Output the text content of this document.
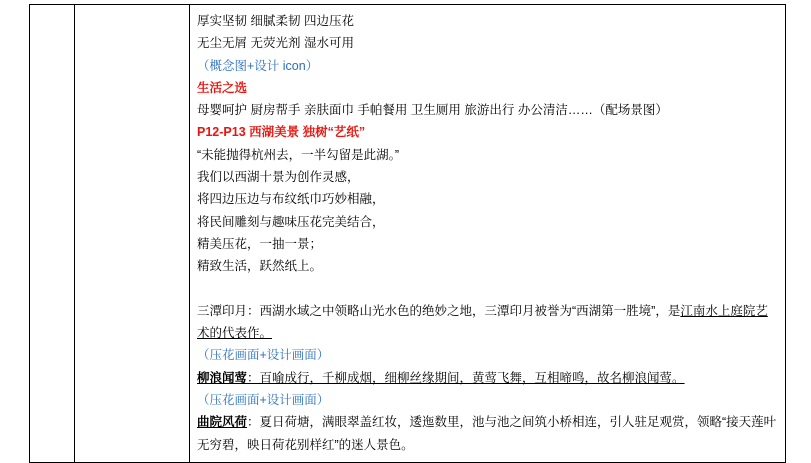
厚实坚韧 细腻柔韧 四边压花
无尘无屑 无荧光剂 湿水可用
（概念图+设计 icon）
生活之选
母婴呵护 厨房帮手 亲肤面巾 手帕餐用 卫生厕用 旅游出行 办公清洁……（配场景图）
P12-P13 西湖美景 独树“艺纸”
“未能抛得杭州去，一半勾留是此湖。”
我们以西湖十景为创作灵感，
将四边压边与布纹纸巾巧妙相融，
将民间雕刻与趣味压花完美结合，
精美压花，一抽一景；
精致生活，跃然纸上。
三潭印月：西湖水域之中领略山光水色的绝妙之地，三潭印月被誉为“西湖第一胜境”，是江南水上庭院艺术的代表作。
（压花画面+设计画面）
柳浪闻莺：百喻成行，千柳成烟，细柳丝缘期间，黄莺飞舞，互相啼鸣，故名柳浪闻莺。
（压花画面+设计画面）
曲院风荷：夏日荷塘，满眼翠盖红妆，逶迤数里，池与池之间筑小桥相连，引人驻足观赏，领略“接天莲叶无穷碧，映日荷花别样红”的迷人景色。
